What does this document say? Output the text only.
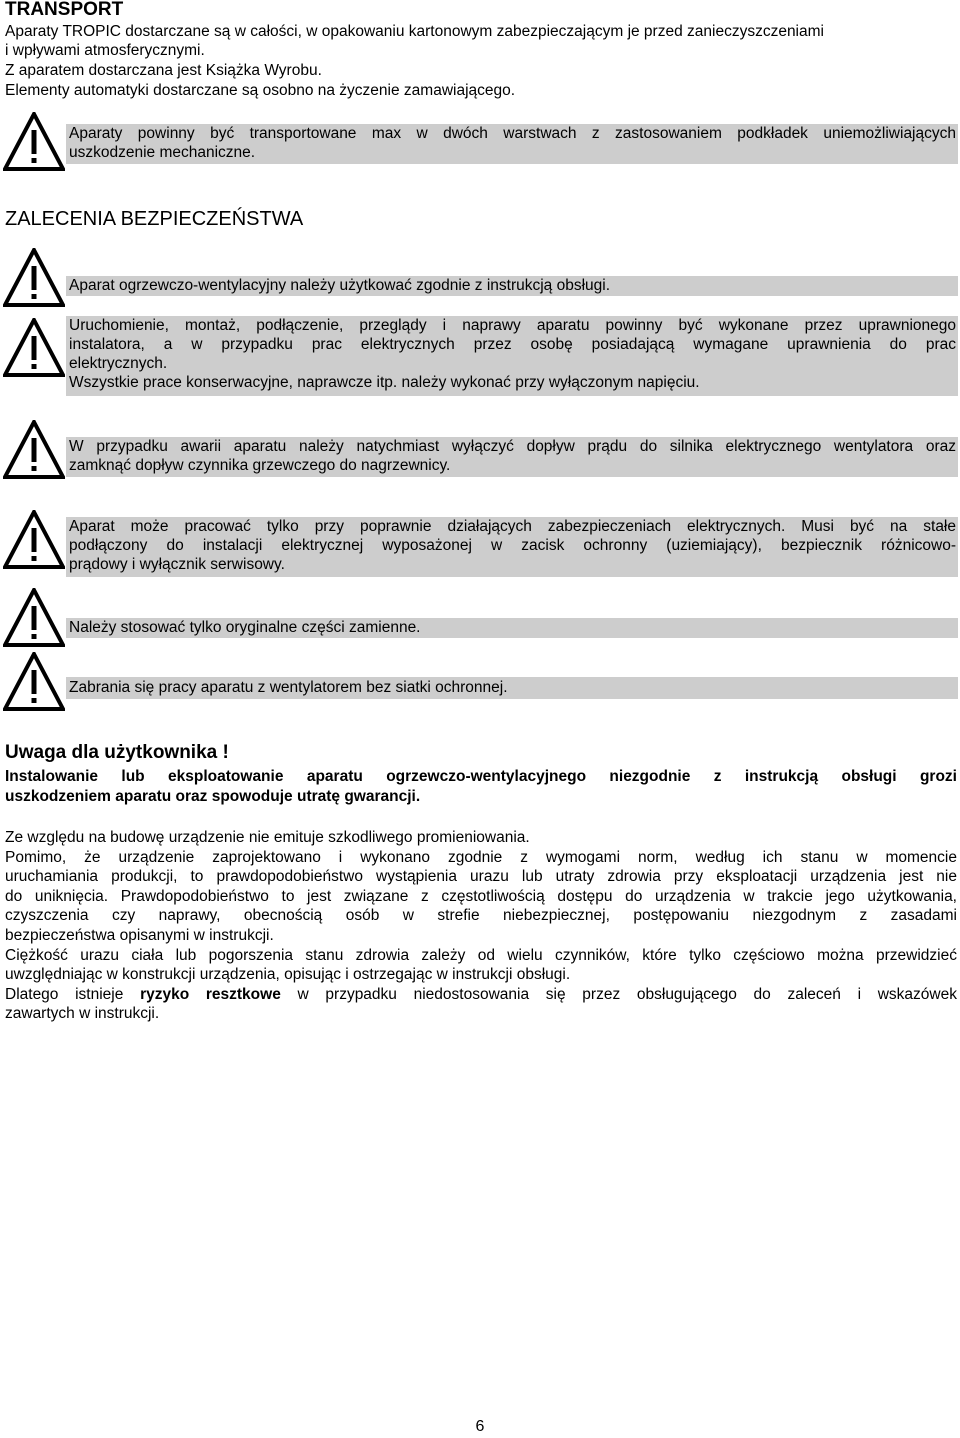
TRANSPORT
Aparaty TROPIC dostarczane są w całości, w opakowaniu kartonowym zabezpieczającym je przed zanieczyszczeniami
i wpływami atmosferycznymi.
Z aparatem dostarczana jest Książka Wyrobu.
Elementy automatyki dostarczane są osobno na życzenie zamawiającego.
Aparaty powinny być transportowane max w dwóch warstwach z zastosowaniem podkładek uniemożliwiających
uszkodzenie mechaniczne.
ZALECENIA BEZPIECZEŃSTWA
Aparat ogrzewczo-wentylacyjny należy użytkować zgodnie z instrukcją obsługi.
Uruchomienie, montaż, podłączenie, przeglądy i naprawy aparatu powinny być wykonane przez uprawnionego
instalatora, a w przypadku prac elektrycznych przez osobę posiadającą wymagane uprawnienia do prac
elektrycznych.
Wszystkie prace konserwacyjne, naprawcze itp. należy wykonać przy wyłączonym napięciu.
W przypadku awarii aparatu należy natychmiast wyłączyć dopływ prądu do silnika elektrycznego wentylatora oraz
zamknąć dopływ czynnika grzewczego do nagrzewnicy.
Aparat może pracować tylko przy poprawnie działających zabezpieczeniach elektrycznych. Musi być na stałe
podłączony do instalacji elektrycznej wyposażonej w zacisk ochronny (uziemiający), bezpiecznik różnicowo-
prądowy i wyłącznik serwisowy.
Należy stosować tylko oryginalne części zamienne.
Zabrania się pracy aparatu z wentylatorem bez siatki ochronnej.
Uwaga dla użytkownika !
Instalowanie lub eksploatowanie aparatu ogrzewczo-wentylacyjnego niezgodnie z instrukcją obsługi grozi
uszkodzeniem aparatu oraz spowoduje utratę gwarancji.
Ze względu na budowę urządzenie nie emituje szkodliwego promieniowania.
Pomimo, że urządzenie zaprojektowano i wykonano zgodnie z wymogami norm, według ich stanu w momencie
uruchamiania produkcji, to prawdopodobieństwo wystąpienia urazu lub utraty zdrowia przy eksploatacji urządzenia jest nie
do uniknięcia. Prawdopodobieństwo to jest związane z częstotliwością dostępu do urządzenia w trakcie jego użytkowania,
czyszczenia czy naprawy, obecnością osób w strefie niebezpiecznej, postępowaniu niezgodnym z zasadami
bezpieczeństwa opisanymi w instrukcji.
Ciężkość urazu ciała lub pogorszenia stanu zdrowia zależy od wielu czynników, które tylko częściowo można przewidzieć
uwzględniając w konstrukcji urządzenia, opisując i ostrzegając w instrukcji obsługi.
Dlatego istnieje ryzyko resztkowe w przypadku niedostosowania się przez obsługującego do zaleceń i wskazówek
zawartych w instrukcji.
6
